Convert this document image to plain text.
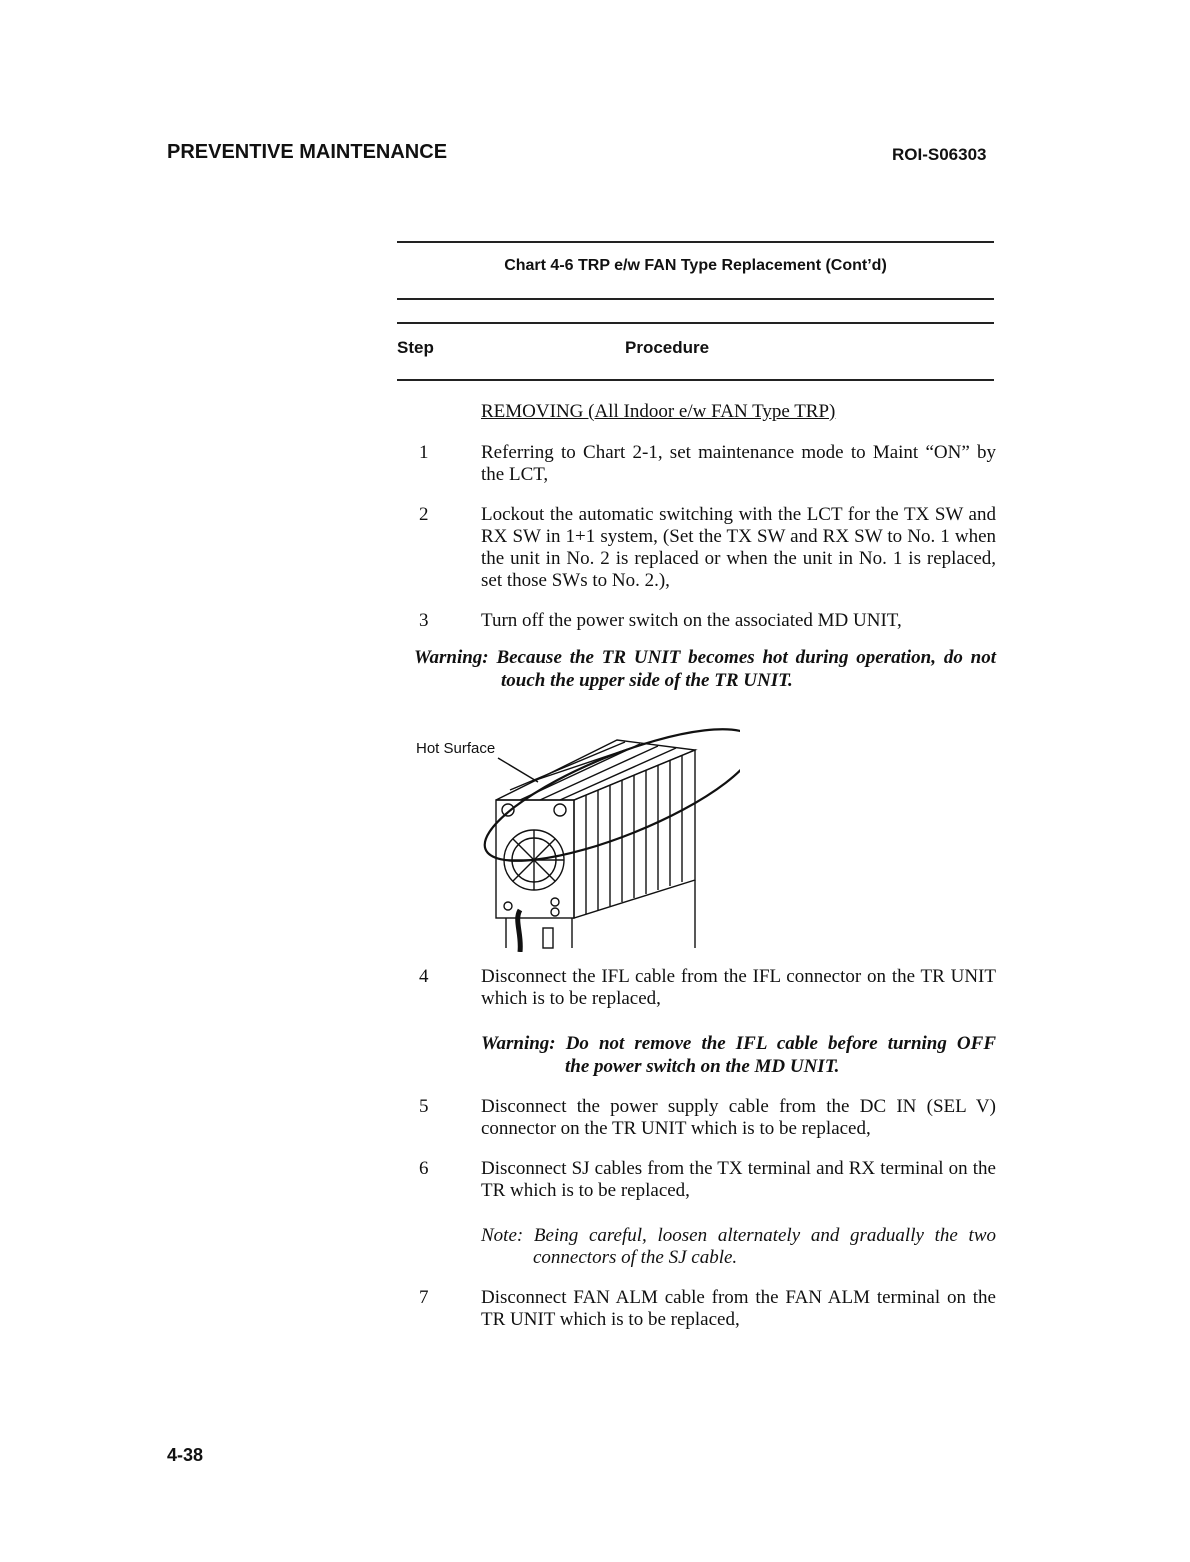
PREVENTIVE MAINTENANCE	ROI-S06303
Chart 4-6 TRP e/w FAN Type Replacement (Cont’d)
Step	Procedure
REMOVING (All Indoor e/w FAN Type TRP)
1	Referring to Chart 2-1, set maintenance mode to Maint “ON” by the LCT,
2	Lockout the automatic switching with the LCT for the TX SW and RX SW in 1+1 system, (Set the TX SW and RX SW to No. 1 when the unit in No. 2 is replaced or when the unit in No. 1 is replaced, set those SWs to No. 2.),
3	Turn off the power switch on the associated MD UNIT,
Warning: Because the TR UNIT becomes hot during operation, do not
touch the upper side of the TR UNIT.
Hot Surface
4	Disconnect the IFL cable from the IFL connector on the TR UNIT which is to be replaced,
Warning: Do not remove the IFL cable before turning OFF
the power switch on the MD UNIT.
5	Disconnect the power supply cable from the DC IN (SEL V) connector on the TR UNIT which is to be replaced,
6	Disconnect SJ cables from the TX terminal and RX terminal on the TR which is to be replaced,
Note: Being careful, loosen alternately and gradually the two
connectors of the SJ cable.
7	Disconnect FAN ALM cable from the FAN ALM terminal on the TR UNIT which is to be replaced,
4-38
